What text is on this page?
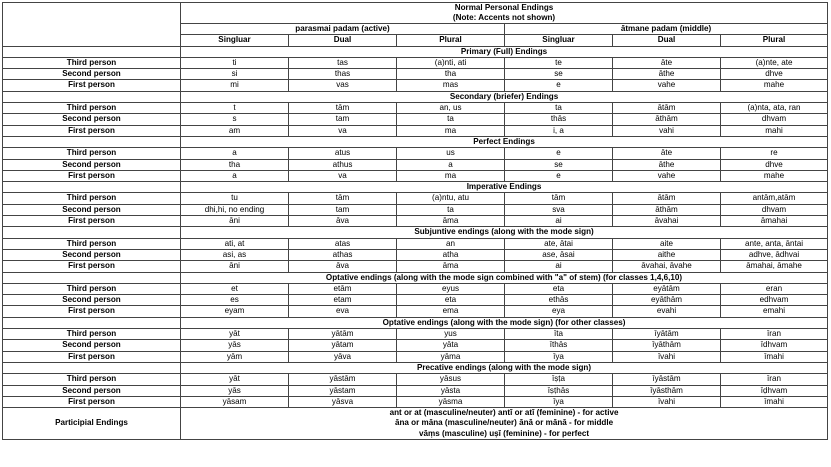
	Normal Personal Endings
(Note: Accents not shown)					

	parasmai padam (active)			ātmane padam (middle)		
	Singluar	Dual	Plural	Singluar	Dual	Plural
	Primary (Full) Endings					
Third person	ti	tas	(a)nti, ati	te	āte	(a)nte, ate
Second person	si	thas	tha	se	āthe	dhve
First person	mi	vas	mas	e	vahe	mahe
	Secondary (briefer) Endings					
Third person	t	tām	an, us	ta	ātām	(a)nta, ata, ran
Second person	s	tam	ta	thās	āthām	dhvam
First person	am	va	ma	i, a	vahi	mahi
	Perfect Endings					
Third person	a	atus	us	e	āte	re
Second person	tha	athus	a	se	āthe	dhve
First person	a	va	ma	e	vahe	mahe
	Imperative Endings					
Third person	tu	tām	(a)ntu, atu	tām	ātām	antām,atām
Second person	dhi,hi, no ending	tam	ta	sva	āthām	dhvam
First person	āni	āva	āma	ai	āvahai	āmahai
	Subjuntive endings (along with the mode sign)					
Third person	ati, at	atas	an	ate, ātai	aite	ante, anta, āntai
Second person	asi, as	athas	atha	ase, āsai	aithe	adhve, ādhvai
First person	āni	āva	āma	ai	āvahai, āvahe	āmahai, āmahe
	Optative endings (along with the mode sign combined with "a" of stem) (for classes 1,4,6,10)					
Third person	et	etām	eyus	eta	eyātām	eran
Second person	es	etam	eta	ethās	eyāthām	edhvam
First person	eyam	eva	ema	eya	evahi	emahi
	Optative endings (along with the mode sign) (for other classes)					
Third person	yāt	yātām	yus	īta	īyātām	īran
Second person	yās	yātam	yāta	īthās	īyāthām	īdhvam
First person	yām	yāva	yāma	īya	īvahi	īmahi
	Precative endings (along with the mode sign)					
Third person	yāt	yāstām	yāsus	īṣṭa	īyāstām	īran
Second person	yās	yāstam	yāsta	īṣṭhās	īyāsthām	īḍhvam
First person	yāsam	yāsva	yāsma	īya	īvahi	īmahi
Participial Endings	ant or at (masculine/neuter) antī or atī (feminine) - for active
āna or māna (masculine/neuter) ānā or mānā - for middle
vāṃs (masculine) uṣī (feminine) - for perfect					
